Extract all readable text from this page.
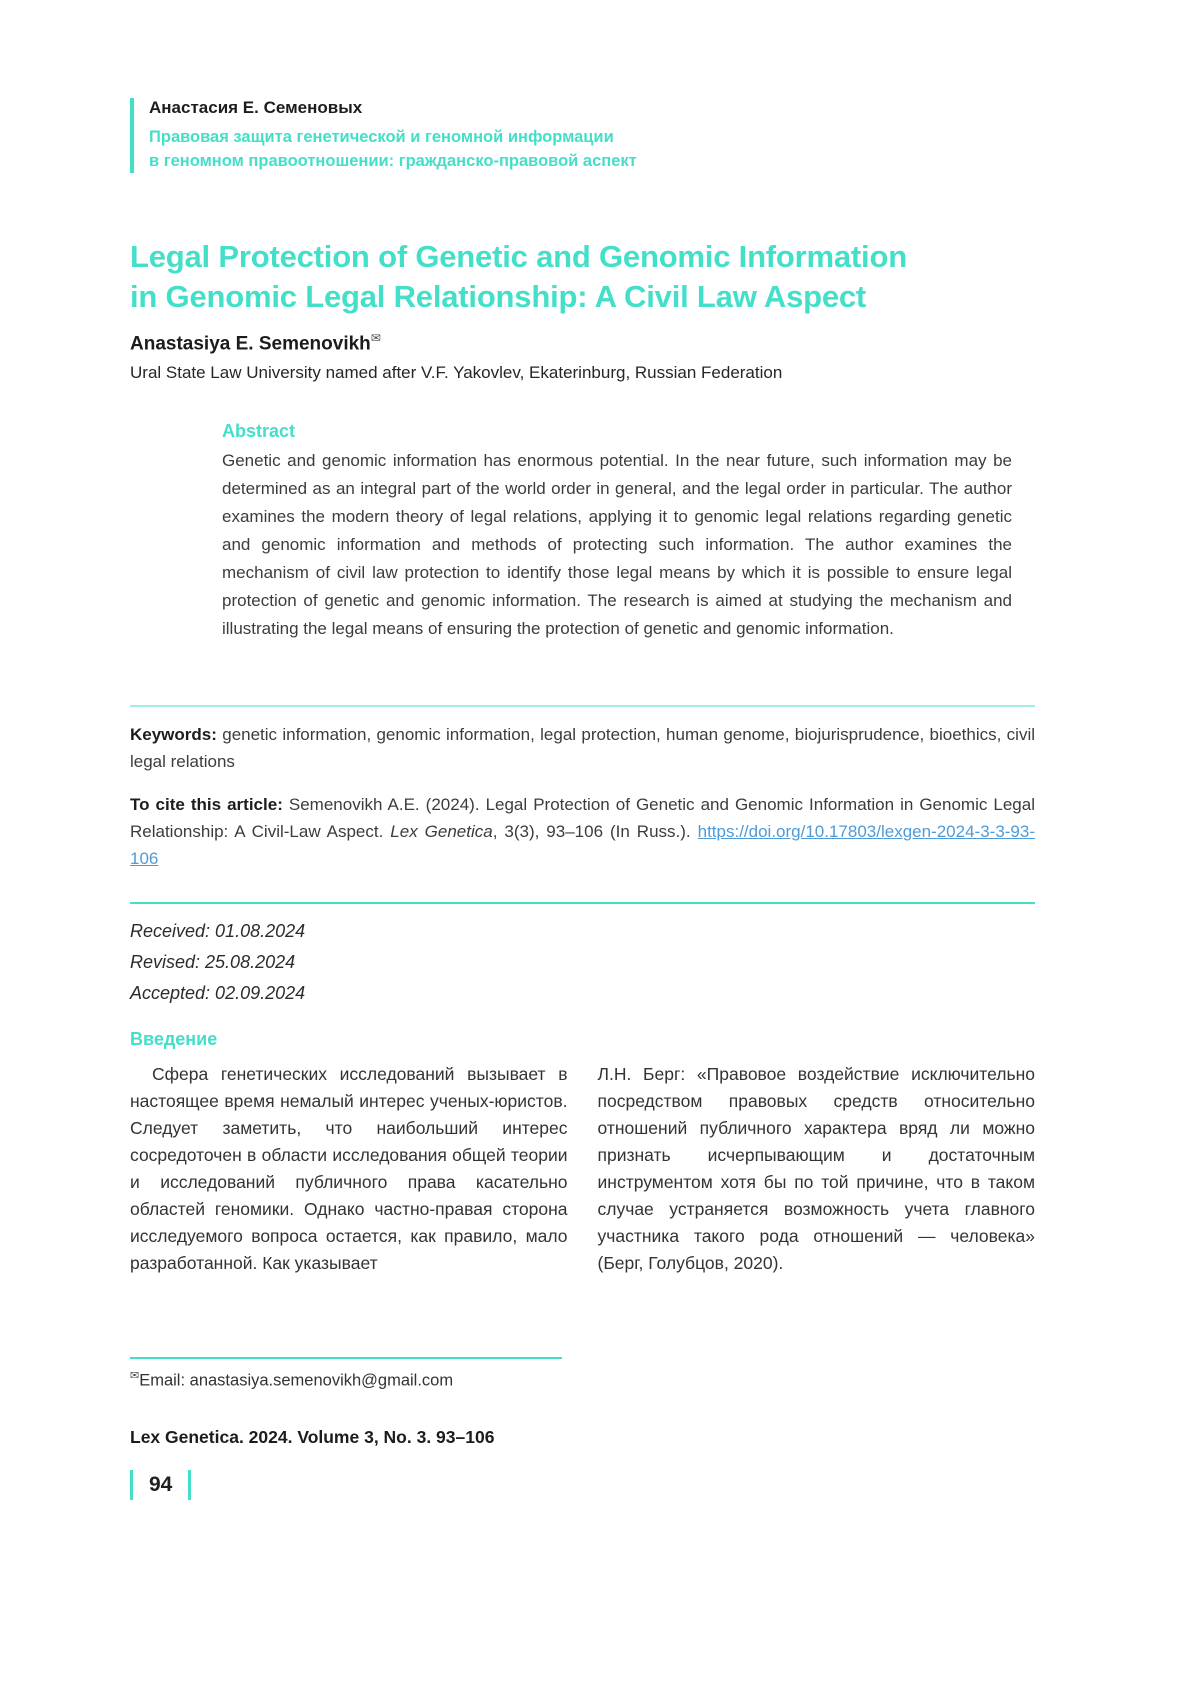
Анастасия Е. Семеновых
Правовая защита генетической и геномной информации
в геномном правоотношении: гражданско-правовой аспект
Legal Protection of Genetic and Genomic Information
in Genomic Legal Relationship: A Civil Law Aspect
Anastasiya E. Semenovikh✉
Ural State Law University named after V.F. Yakovlev, Ekaterinburg, Russian Federation
Abstract
Genetic and genomic information has enormous potential. In the near future, such information may be determined as an integral part of the world order in general, and the legal order in particular. The author examines the modern theory of legal relations, applying it to genomic legal relations regarding genetic and genomic information and methods of protecting such information. The author examines the mechanism of civil law protection to identify those legal means by which it is possible to ensure legal protection of genetic and genomic information. The research is aimed at studying the mechanism and illustrating the legal means of ensuring the protection of genetic and genomic information.

Keywords: genetic information, genomic information, legal protection, human genome, biojurisprudence, bioethics, civil legal relations

To cite this article: Semenovikh A.E. (2024). Legal Protection of Genetic and Genomic Information in Genomic Legal Relationship: A Civil-Law Aspect. Lex Genetica, 3(3), 93–106 (In Russ.). https://doi.org/10.17803/lexgen-2024-3-3-93-106

Received: 01.08.2024
Revised: 25.08.2024
Accepted: 02.09.2024
Введение

Сфера генетических исследований вызывает в настоящее время немалый интерес ученых-юристов. Следует заметить, что наибольший интерес сосредоточен в области исследования общей теории и исследований публичного права касательно областей геномики. Однако частно-правая сторона исследуемого вопроса остается, как правило, мало разработанной. Как указывает

Л.Н. Берг: «Правовое воздействие исключительно посредством правовых средств относительно отношений публичного характера вряд ли можно признать исчерпывающим и достаточным инструментом хотя бы по той причине, что в таком случае устраняется возможность учета главного участника такого рода отношений — человека» (Берг, Голубцов, 2020).

✉Email: anastasiya.semenovikh@gmail.com
Lex Genetica. 2024. Volume 3, No. 3. 93–106
94
